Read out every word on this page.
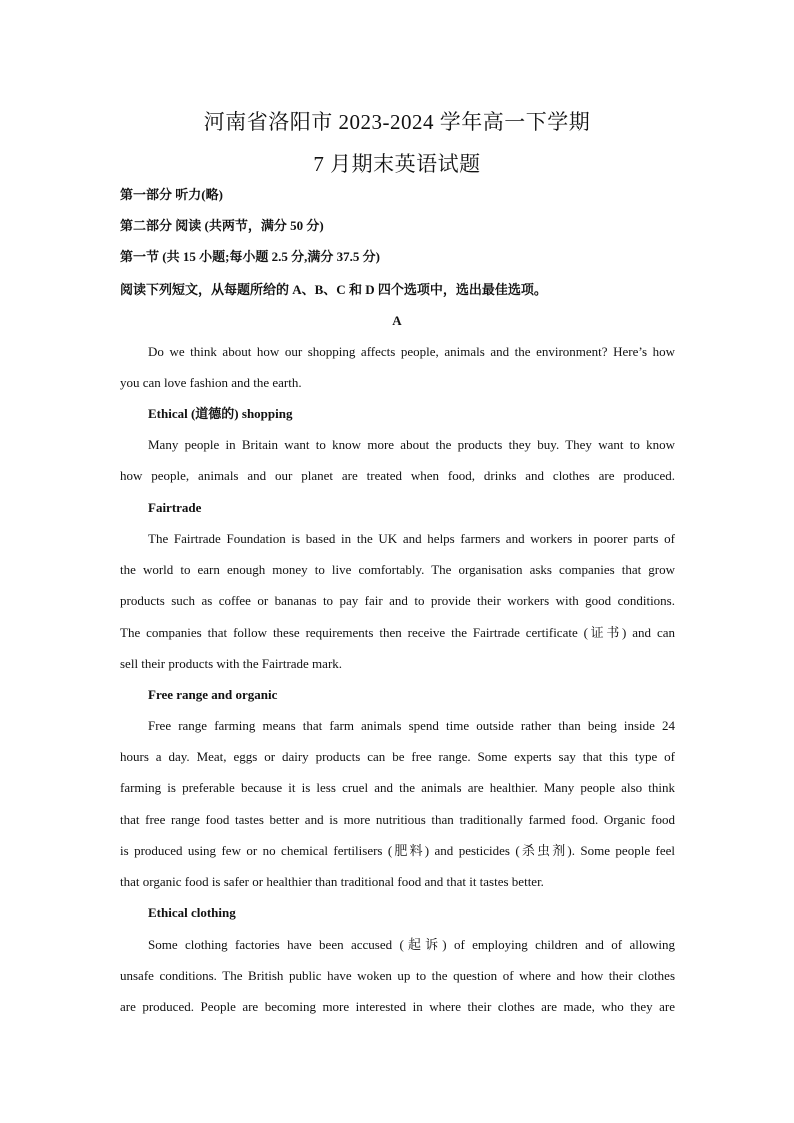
河南省洛阳市 2023-2024 学年高一下学期
7 月期末英语试题
第一部分 听力(略)
第二部分 阅读 (共两节，满分 50 分)
第一节 (共 15 小题;每小题 2.5 分,满分 37.5 分)
阅读下列短文，从每题所给的 A、B、C 和 D 四个选项中，选出最佳选项。
A
Do we think about how our shopping affects people, animals and the environment? Here’s how
you can love fashion and the earth.
Ethical (道德的) shopping
Many people in Britain want to know more about the products they buy. They want to know
how people, animals and our planet are treated when food, drinks and clothes are produced.
Fairtrade
The Fairtrade Foundation is based in the UK and helps farmers and workers in poorer parts of
the world to earn enough money to live comfortably. The organisation asks companies that grow
products such as coffee or bananas to pay fair and to provide their workers with good conditions.
The companies that follow these requirements then receive the Fairtrade certificate (证书) and can
sell their products with the Fairtrade mark.
Free range and organic
Free range farming means that farm animals spend time outside rather than being inside 24
hours a day. Meat, eggs or dairy products can be free range. Some experts say that this type of
farming is preferable because it is less cruel and the animals are healthier. Many people also think
that free range food tastes better and is more nutritious than traditionally farmed food. Organic food
is produced using few or no chemical fertilisers (肥料) and pesticides (杀虫剂). Some people feel
that organic food is safer or healthier than traditional food and that it tastes better.
Ethical clothing
Some clothing factories have been accused (起诉) of employing children and of allowing
unsafe conditions. The British public have woken up to the question of where and how their clothes
are produced. People are becoming more interested in where their clothes are made, who they are
